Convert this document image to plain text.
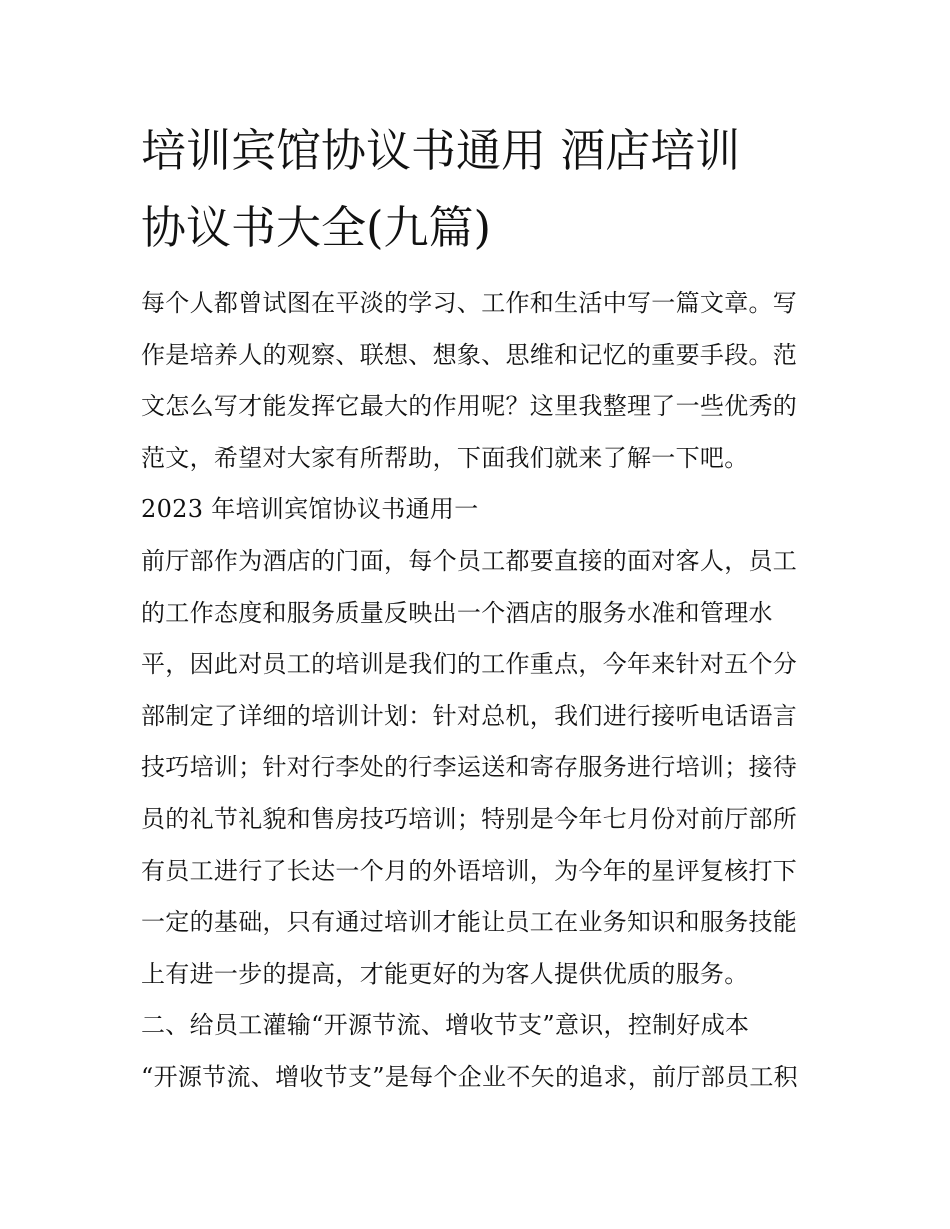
培训宾馆协议书通用 酒店培训
协议书大全(九篇)
每个人都曾试图在平淡的学习、工作和生活中写一篇文章。写
作是培养人的观察、联想、想象、思维和记忆的重要手段。范
文怎么写才能发挥它最大的作用呢？这里我整理了一些优秀的
范文，希望对大家有所帮助，下面我们就来了解一下吧。
2023 年培训宾馆协议书通用一
前厅部作为酒店的门面，每个员工都要直接的面对客人，员工
的工作态度和服务质量反映出一个酒店的服务水准和管理水
平，因此对员工的培训是我们的工作重点，今年来针对五个分
部制定了详细的培训计划：针对总机，我们进行接听电话语言
技巧培训；针对行李处的行李运送和寄存服务进行培训；接待
员的礼节礼貌和售房技巧培训；特别是今年七月份对前厅部所
有员工进行了长达一个月的外语培训，为今年的星评复核打下
一定的基础，只有通过培训才能让员工在业务知识和服务技能
上有进一步的提高，才能更好的为客人提供优质的服务。
二、给员工灌输“开源节流、增收节支”意识，控制好成本
“开源节流、增收节支”是每个企业不矢的追求，前厅部员工积
